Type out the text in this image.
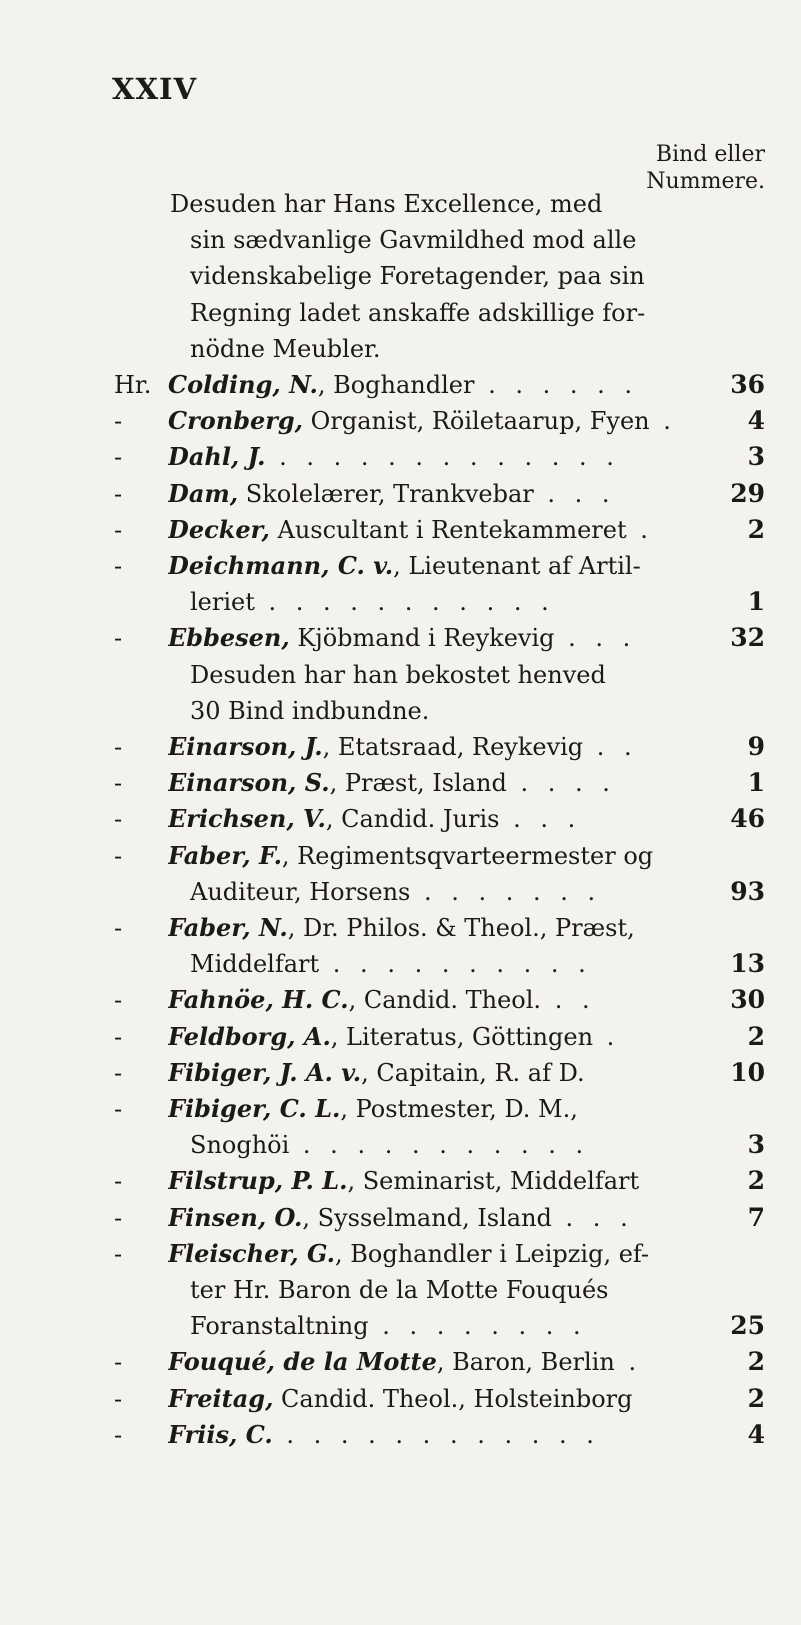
XXIV
Bind eller
Nummere.
Desuden har Hans Excellence, med
sin sædvanlige Gavmildhed mod alle
videnskabelige Foretagender, paa sin
Regning ladet anskaffe adskillige for-
nödne Meubler.
Hr. Colding, N., Boghandler . . . . . .	36
-	Cronberg, Organist, Röiletaarup, Fyen .	4
-	Dahl, J. . . . . . . . . . . . . .	3
-	Dam, Skolelærer, Trankvebar . . .	29
-	Decker, Auscultant i Rentekammeret .	2
-	Deichmann, C. v., Lieutenant af Artil-
leriet . . . . . . . . . . .	1
-	Ebbesen, Kjöbmand i Reykevig . . .	32
Desuden har han bekostet henved
30 Bind indbundne.
-	Einarson, J., Etatsraad, Reykevig . .	9
-	Einarson, S., Præst, Island . . . .	1
-	Erichsen, V., Candid. Juris . . .	46
-	Faber, F., Regimentsqvarteermester og
Auditeur, Horsens . . . . . . .	93
-	Faber, N., Dr. Philos. & Theol., Præst,
Middelfart . . . . . . . . . .	13
-	Fahnöe, H. C., Candid. Theol. . .	30
-	Feldborg, A., Literatus, Göttingen .	2
-	Fibiger, J. A. v., Capitain, R. af D.	10
-	Fibiger, C. L., Postmester, D. M.,
Snoghöi . . . . . . . . . . .	3
-	Filstrup, P. L., Seminarist, Middelfart	2
-	Finsen, O., Sysselmand, Island . . .	7
-	Fleischer, G., Boghandler i Leipzig, ef-
ter Hr. Baron de la Motte Fouqués
Foranstaltning . . . . . . . .	25
-	Fouqué, de la Motte, Baron, Berlin .	2
-	Freitag, Candid. Theol., Holsteinborg	2
-	Friis, C. . . . . . . . . . . . .	4
